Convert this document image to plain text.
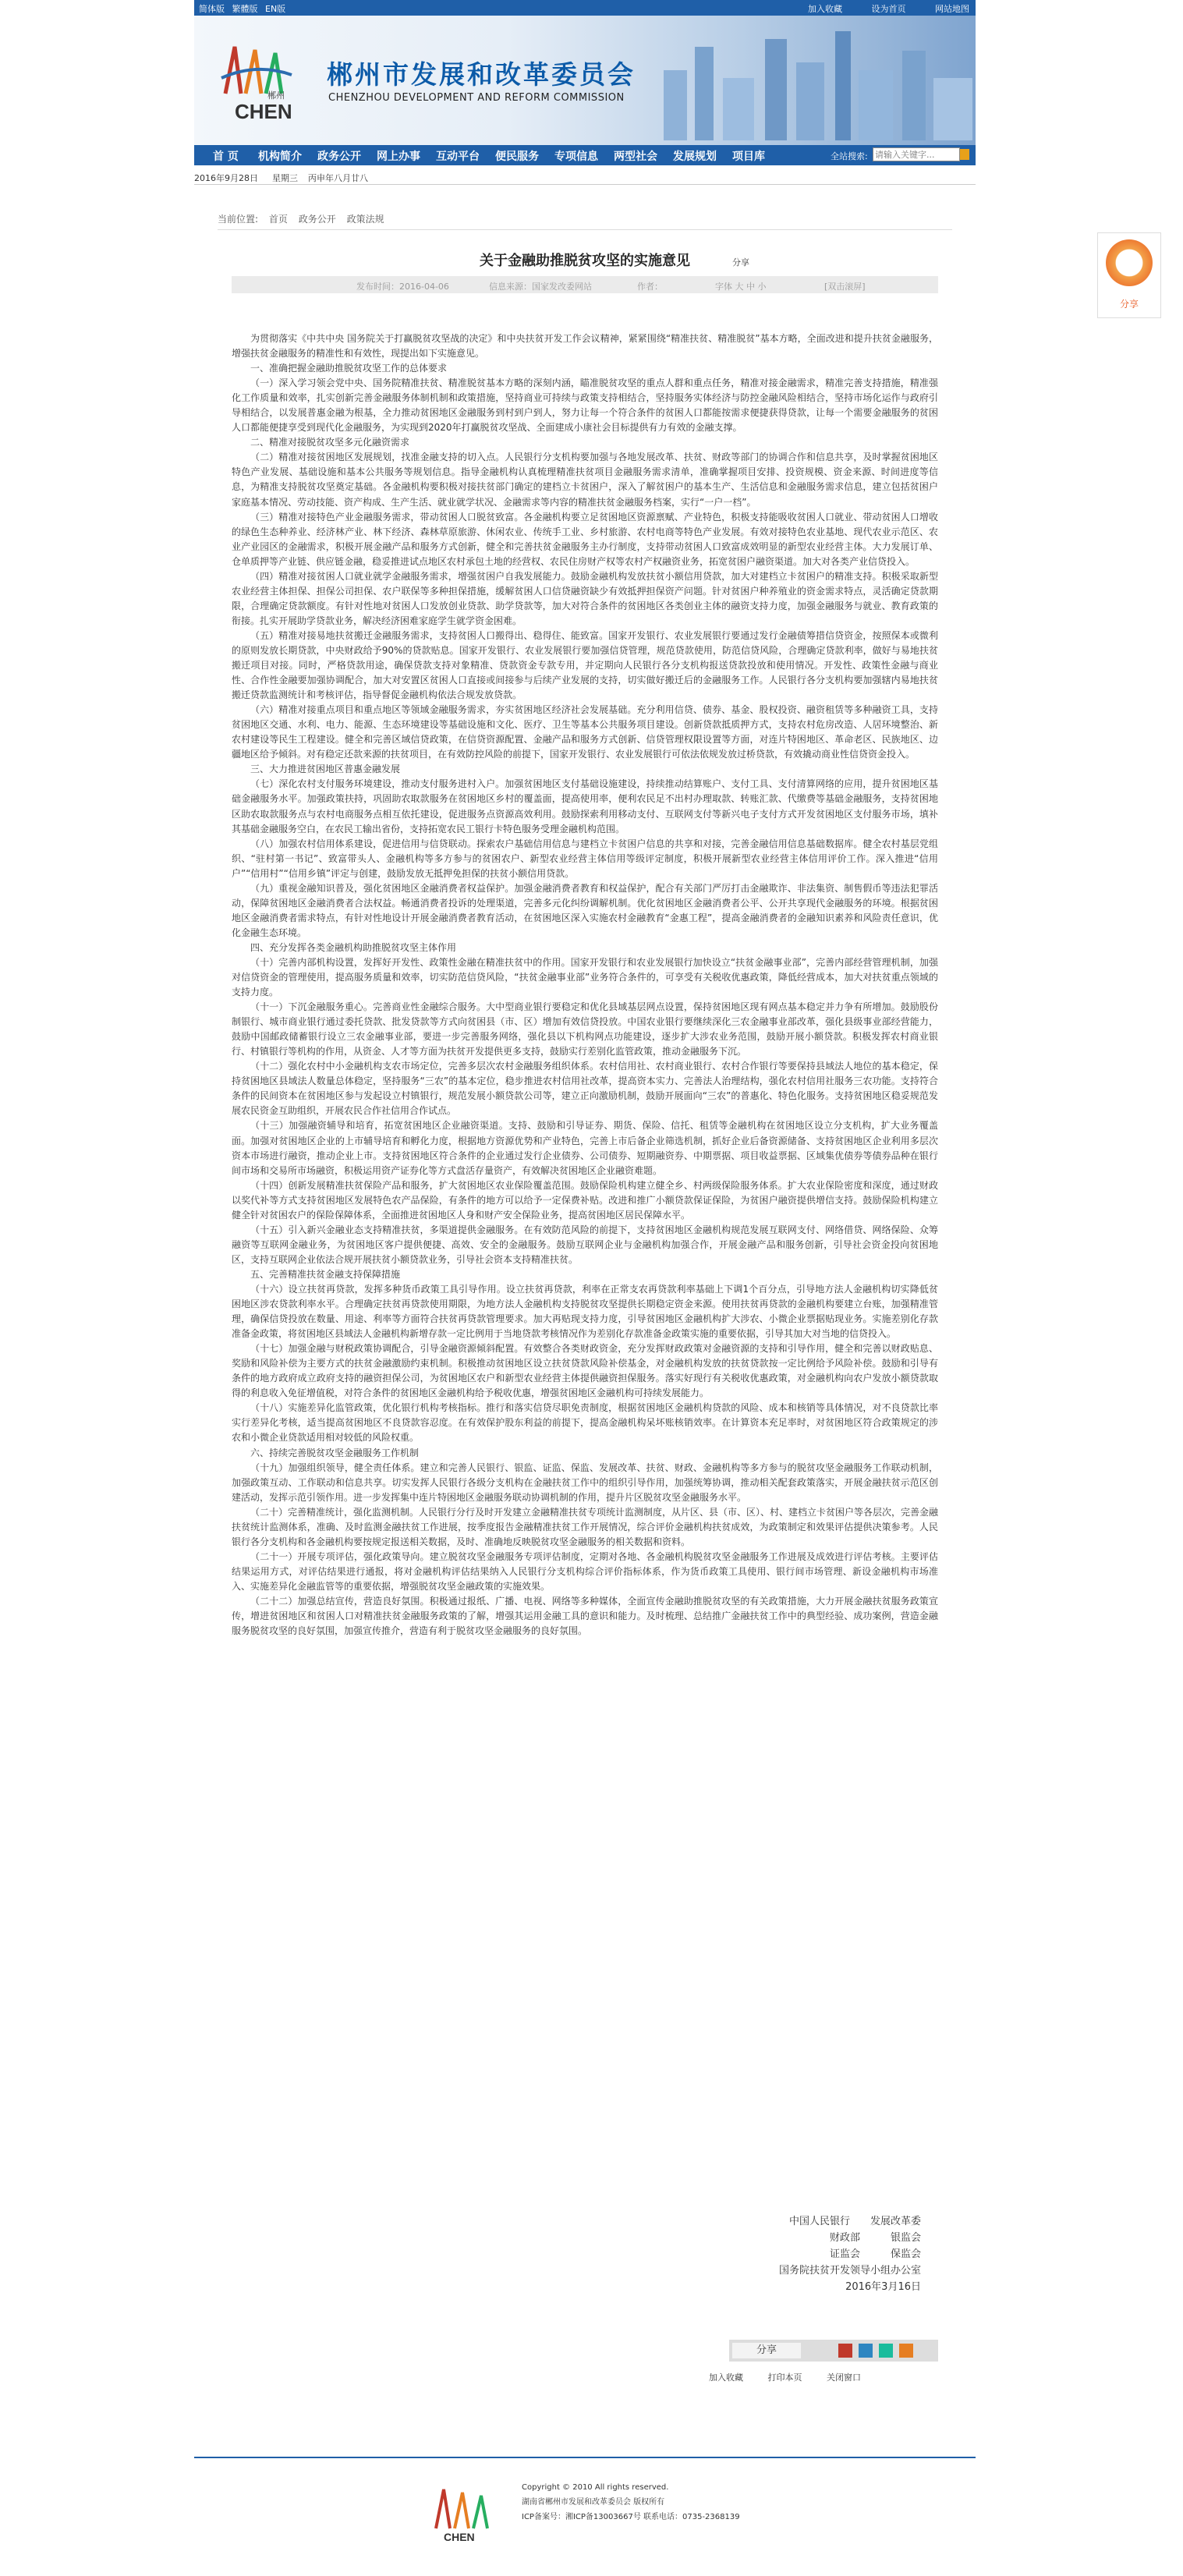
简体版 繁體版 EN版	加入收藏	设为首页	网站地图
CHEN
郴州
郴州市发展和改革委员会
CHENZHOU DEVELOPMENT AND REFORM COMMISSION
首 页 机构简介 政务公开 网上办事 互动平台 便民服务 专项信息 两型社会 发展规划 项目库	全站搜索:
请输入关键字...
2016年9月28日 星期三 丙申年八月廿八
当前位置: 首页 政务公开 政策法规
关于金融助推脱贫攻坚的实施意见	分享
发布时间：2016-04-06	信息来源：国家发改委网站	作者：	字体 大 中 小	[双击滚屏]

为贯彻落实《中共中央 国务院关于打赢脱贫攻坚战的决定》和中央扶贫开发工作会议精神，紧紧围绕“精准扶贫、精准脱贫”基本方略，全面改进和提升扶贫金融服务，增强扶贫金融服务的精准性和有效性，现提出如下实施意见。

一、准确把握金融助推脱贫攻坚工作的总体要求

（一）深入学习领会党中央、国务院精准扶贫、精准脱贫基本方略的深刻内涵，瞄准脱贫攻坚的重点人群和重点任务，精准对接金融需求，精准完善支持措施，精准强化工作质量和效率，扎实创新完善金融服务体制机制和政策措施，坚持商业可持续与政策支持相结合，坚持服务实体经济与防控金融风险相结合，坚持市场化运作与政府引导相结合，以发展普惠金融为根基，全力推动贫困地区金融服务到村到户到人，努力让每一个符合条件的贫困人口都能按需求便捷获得贷款，让每一个需要金融服务的贫困人口都能便捷享受到现代化金融服务，为实现到2020年打赢脱贫攻坚战、全面建成小康社会目标提供有力有效的金融支撑。

二、精准对接脱贫攻坚多元化融资需求

（二）精准对接贫困地区发展规划，找准金融支持的切入点。人民银行分支机构要加强与各地发展改革、扶贫、财政等部门的协调合作和信息共享，及时掌握贫困地区特色产业发展、基础设施和基本公共服务等规划信息。指导金融机构认真梳理精准扶贫项目金融服务需求清单，准确掌握项目安排、投资规模、资金来源、时间进度等信息，为精准支持脱贫攻坚奠定基础。各金融机构要积极对接扶贫部门确定的建档立卡贫困户，深入了解贫困户的基本生产、生活信息和金融服务需求信息，建立包括贫困户家庭基本情况、劳动技能、资产构成、生产生活、就业就学状况、金融需求等内容的精准扶贫金融服务档案，实行“一户一档”。

（三）精准对接特色产业金融服务需求，带动贫困人口脱贫致富。各金融机构要立足贫困地区资源禀赋、产业特色，积极支持能吸收贫困人口就业、带动贫困人口增收的绿色生态种养业、经济林产业、林下经济、森林草原旅游、休闲农业、传统手工业、乡村旅游、农村电商等特色产业发展。有效对接特色农业基地、现代农业示范区、农业产业园区的金融需求，积极开展金融产品和服务方式创新，健全和完善扶贫金融服务主办行制度，支持带动贫困人口致富成效明显的新型农业经营主体。大力发展订单、仓单质押等产业链、供应链金融，稳妥推进试点地区农村承包土地的经营权、农民住房财产权等农村产权融资业务，拓宽贫困户融资渠道。加大对各类产业信贷投入。

（四）精准对接贫困人口就业就学金融服务需求，增强贫困户自我发展能力。鼓励金融机构发放扶贫小额信用贷款，加大对建档立卡贫困户的精准支持。积极采取新型农业经营主体担保、担保公司担保、农户联保等多种担保措施，缓解贫困人口信贷融资缺少有效抵押担保资产问题。针对贫困户种养殖业的资金需求特点，灵活确定贷款期限，合理确定贷款额度。有针对性地对贫困人口发放创业贷款、助学贷款等，加大对符合条件的贫困地区各类创业主体的融资支持力度，加强金融服务与就业、教育政策的衔接。扎实开展助学贷款业务，解决经济困难家庭学生就学资金困难。

（五）精准对接易地扶贫搬迁金融服务需求，支持贫困人口搬得出、稳得住、能致富。国家开发银行、农业发展银行要通过发行金融债筹措信贷资金，按照保本或微利的原则发放长期贷款，中央财政给予90%的贷款贴息。国家开发银行、农业发展银行要加强信贷管理，规范贷款使用，防范信贷风险，合理确定贷款利率，做好与易地扶贫搬迁项目对接。同时，严格贷款用途，确保贷款支持对象精准、贷款资金专款专用，并定期向人民银行各分支机构报送贷款投放和使用情况。开发性、政策性金融与商业性、合作性金融要加强协调配合，加大对安置区贫困人口直接或间接参与后续产业发展的支持，切实做好搬迁后的金融服务工作。人民银行各分支机构要加强辖内易地扶贫搬迁贷款监测统计和考核评估，指导督促金融机构依法合规发放贷款。

（六）精准对接重点项目和重点地区等领域金融服务需求，夯实贫困地区经济社会发展基础。充分利用信贷、债券、基金、股权投资、融资租赁等多种融资工具，支持贫困地区交通、水利、电力、能源、生态环境建设等基础设施和文化、医疗、卫生等基本公共服务项目建设。创新贷款抵质押方式，支持农村危房改造、人居环境整治、新农村建设等民生工程建设。健全和完善区域信贷政策，在信贷资源配置、金融产品和服务方式创新、信贷管理权限设置等方面，对连片特困地区、革命老区、民族地区、边疆地区给予倾斜。对有稳定还款来源的扶贫项目，在有效防控风险的前提下，国家开发银行、农业发展银行可依法依规发放过桥贷款，有效撬动商业性信贷资金投入。

三、大力推进贫困地区普惠金融发展

（七）深化农村支付服务环境建设，推动支付服务进村入户。加强贫困地区支付基础设施建设，持续推动结算账户、支付工具、支付清算网络的应用，提升贫困地区基础金融服务水平。加强政策扶持，巩固助农取款服务在贫困地区乡村的覆盖面，提高使用率，便利农民足不出村办理取款、转账汇款、代缴费等基础金融服务，支持贫困地区助农取款服务点与农村电商服务点相互依托建设，促进服务点资源高效利用。鼓励探索利用移动支付、互联网支付等新兴电子支付方式开发贫困地区支付服务市场，填补其基础金融服务空白，在农民工输出省份，支持拓宽农民工银行卡特色服务受理金融机构范围。

（八）加强农村信用体系建设，促进信用与信贷联动。探索农户基础信用信息与建档立卡贫困户信息的共享和对接，完善金融信用信息基础数据库。健全农村基层党组织、“驻村第一书记”、致富带头人、金融机构等多方参与的贫困农户、新型农业经营主体信用等级评定制度，积极开展新型农业经营主体信用评价工作。深入推进“信用户”“信用村”“信用乡镇”评定与创建，鼓励发放无抵押免担保的扶贫小额信用贷款。

（九）重视金融知识普及，强化贫困地区金融消费者权益保护。加强金融消费者教育和权益保护，配合有关部门严厉打击金融欺诈、非法集资、制售假币等违法犯罪活动，保障贫困地区金融消费者合法权益。畅通消费者投诉的处理渠道，完善多元化纠纷调解机制。优化贫困地区金融消费者公平、公开共享现代金融服务的环境。根据贫困地区金融消费者需求特点，有针对性地设计开展金融消费者教育活动，在贫困地区深入实施农村金融教育“金惠工程”，提高金融消费者的金融知识素养和风险责任意识，优化金融生态环境。

四、充分发挥各类金融机构助推脱贫攻坚主体作用

（十）完善内部机构设置，发挥好开发性、政策性金融在精准扶贫中的作用。国家开发银行和农业发展银行加快设立“扶贫金融事业部”，完善内部经营管理机制，加强对信贷资金的管理使用，提高服务质量和效率，切实防范信贷风险，“扶贫金融事业部”业务符合条件的，可享受有关税收优惠政策，降低经营成本，加大对扶贫重点领域的支持力度。

（十一）下沉金融服务重心。完善商业性金融综合服务。大中型商业银行要稳定和优化县域基层网点设置，保持贫困地区现有网点基本稳定并力争有所增加。鼓励股份制银行、城市商业银行通过委托贷款、批发贷款等方式向贫困县（市、区）增加有效信贷投放。中国农业银行要继续深化三农金融事业部改革，强化县级事业部经营能力，鼓励中国邮政储蓄银行设立三农金融事业部，要进一步完善服务网络，强化县以下机构网点功能建设，逐步扩大涉农业务范围，鼓励开展小额贷款。积极发挥农村商业银行、村镇银行等机构的作用，从资金、人才等方面为扶贫开发提供更多支持，鼓励实行差别化监管政策，推动金融服务下沉。

（十二）强化农村中小金融机构支农市场定位，完善多层次农村金融服务组织体系。农村信用社、农村商业银行、农村合作银行等要保持县域法人地位的基本稳定，保持贫困地区县域法人数量总体稳定，坚持服务“三农”的基本定位，稳步推进农村信用社改革，提高资本实力、完善法人治理结构，强化农村信用社服务三农功能。支持符合条件的民间资本在贫困地区参与发起设立村镇银行，规范发展小额贷款公司等，建立正向激励机制，鼓励开展面向“三农”的普惠化、特色化服务。支持贫困地区稳妥规范发展农民资金互助组织，开展农民合作社信用合作试点。

（十三）加强融资辅导和培育，拓宽贫困地区企业融资渠道。支持、鼓励和引导证券、期货、保险、信托、租赁等金融机构在贫困地区设立分支机构，扩大业务覆盖面。加强对贫困地区企业的上市辅导培育和孵化力度，根据地方资源优势和产业特色，完善上市后备企业筛选机制，抓好企业后备资源储备、支持贫困地区企业利用多层次资本市场进行融资，推动企业上市。支持贫困地区符合条件的企业通过发行企业债券、公司债券、短期融资券、中期票据、项目收益票据、区域集优债券等债券品种在银行间市场和交易所市场融资，积极运用资产证券化等方式盘活存量资产，有效解决贫困地区企业融资难题。

（十四）创新发展精准扶贫保险产品和服务，扩大贫困地区农业保险覆盖范围。鼓励保险机构建立健全乡、村两级保险服务体系。扩大农业保险密度和深度，通过财政以奖代补等方式支持贫困地区发展特色农产品保险，有条件的地方可以给予一定保费补贴。改进和推广小额贷款保证保险，为贫困户融资提供增信支持。鼓励保险机构建立健全针对贫困农户的保险保障体系，全面推进贫困地区人身和财产安全保险业务，提高贫困地区居民保障水平。

（十五）引入新兴金融业态支持精准扶贫，多渠道提供金融服务。在有效防范风险的前提下，支持贫困地区金融机构规范发展互联网支付、网络借贷、网络保险、众筹融资等互联网金融业务，为贫困地区客户提供便捷、高效、安全的金融服务。鼓励互联网企业与金融机构加强合作，开展金融产品和服务创新，引导社会资金投向贫困地区，支持互联网企业依法合规开展扶贫小额贷款业务，引导社会资本支持精准扶贫。

五、完善精准扶贫金融支持保障措施

（十六）设立扶贫再贷款，发挥多种货币政策工具引导作用。设立扶贫再贷款，利率在正常支农再贷款利率基础上下调1个百分点，引导地方法人金融机构切实降低贫困地区涉农贷款利率水平。合理确定扶贫再贷款使用期限，为地方法人金融机构支持脱贫攻坚提供长期稳定资金来源。使用扶贫再贷款的金融机构要建立台账，加强精准管理，确保信贷投放在数量、用途、利率等方面符合扶贫再贷款管理要求。加大再贴现支持力度，引导贫困地区金融机构扩大涉农、小微企业票据贴现业务。实施差别化存款准备金政策，将贫困地区县域法人金融机构新增存款一定比例用于当地贷款考核情况作为差别化存款准备金政策实施的重要依据，引导其加大对当地的信贷投入。

（十七）加强金融与财税政策协调配合，引导金融资源倾斜配置。有效整合各类财政资金，充分发挥财政政策对金融资源的支持和引导作用，健全和完善以财政贴息、奖励和风险补偿为主要方式的扶贫金融激励约束机制。积极推动贫困地区设立扶贫贷款风险补偿基金，对金融机构发放的扶贫贷款按一定比例给予风险补偿。鼓励和引导有条件的地方政府成立政府支持的融资担保公司，为贫困地区农户和新型农业经营主体提供融资担保服务。落实好现行有关税收优惠政策，对金融机构向农户发放小额贷款取得的利息收入免征增值税，对符合条件的贫困地区金融机构给予税收优惠，增强贫困地区金融机构可持续发展能力。

（十八）实施差异化监管政策，优化银行机构考核指标。推行和落实信贷尽职免责制度，根据贫困地区金融机构贷款的风险、成本和核销等具体情况，对不良贷款比率实行差异化考核，适当提高贫困地区不良贷款容忍度。在有效保护股东利益的前提下，提高金融机构呆坏账核销效率。在计算资本充足率时，对贫困地区符合政策规定的涉农和小微企业贷款适用相对较低的风险权重。

六、持续完善脱贫攻坚金融服务工作机制

（十九）加强组织领导，健全责任体系。建立和完善人民银行、银监、证监、保监、发展改革、扶贫、财政、金融机构等多方参与的脱贫攻坚金融服务工作联动机制，加强政策互动、工作联动和信息共享。切实发挥人民银行各级分支机构在金融扶贫工作中的组织引导作用，加强统筹协调，推动相关配套政策落实，开展金融扶贫示范区创建活动，发挥示范引领作用。进一步发挥集中连片特困地区金融服务联动协调机制的作用，提升片区脱贫攻坚金融服务水平。

（二十）完善精准统计，强化监测机制。人民银行分行及时开发建立金融精准扶贫专项统计监测制度，从片区、县（市、区）、村、建档立卡贫困户等各层次，完善金融扶贫统计监测体系，准确、及时监测金融扶贫工作进展，按季度报告金融精准扶贫工作开展情况，综合评价金融机构扶贫成效，为政策制定和效果评估提供决策参考。人民银行各分支机构和各金融机构要按规定报送相关数据，及时、准确地反映脱贫攻坚金融服务的相关数据和资料。

（二十一）开展专项评估，强化政策导向。建立脱贫攻坚金融服务专项评估制度，定期对各地、各金融机构脱贫攻坚金融服务工作进展及成效进行评估考核。主要评估结果运用方式，对评估结果进行通报，将对金融机构评估结果纳入人民银行分支机构综合评价指标体系，作为货币政策工具使用、银行间市场管理、新设金融机构市场准入、实施差异化金融监管等的重要依据，增强脱贫攻坚金融政策的实施效果。

（二十二）加强总结宣传，营造良好氛围。积极通过报纸、广播、电视、网络等多种媒体，全面宣传金融助推脱贫攻坚的有关政策措施，大力开展金融扶贫服务政策宣传，增进贫困地区和贫困人口对精准扶贫金融服务政策的了解，增强其运用金融工具的意识和能力。及时梳理、总结推广金融扶贫工作中的典型经验、成功案例，营造金融服务脱贫攻坚的良好氛围，加强宣传推介，营造有利于脱贫攻坚金融服务的良好氛围。

中国人民银行　　发展改革委
财政部　　　银监会
证监会　　　保监会
国务院扶贫开发领导小组办公室
2016年3月16日
分享
加入收藏	打印本页	关闭窗口
CHEN
Copyright © 2010 All rights reserved.
湖南省郴州市发展和改革委员会 版权所有
ICP备案号：湘ICP备13003667号 联系电话：0735-2368139
分享
